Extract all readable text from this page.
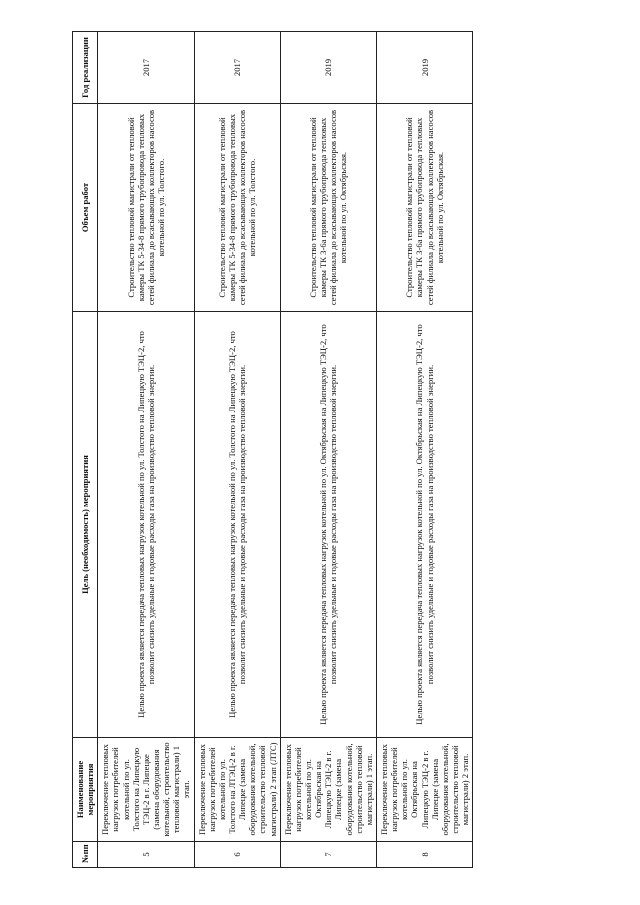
№пп	Наименование мероприятия	Цель (необходимость) мероприятия	Объем работ	Год реализации
5	Переключение тепловых нагрузок потребителей котельной по ул. Толстого на Липецкую ТЭЦ-2 в г. Липецке (замена оборудования котельной, строительство тепловой магистрали) 1 этап.	Целью проекта является передача тепловых нагрузок котельной по ул. Толстого на Липецкую ТЭЦ-2, что позволит снизить удельные и годовые расходы газа на производство тепловой энергии.	Строительство тепловой магистрали от тепловой камеры ТК 5-34-8 прямого трубопровода тепловых сетей филиала до всасывающих коллекторов насосов котельной по ул. Толстого.	2017
6	Переключение тепловых нагрузок потребителей котельной по ул. Толстого на ЛТЭЦ-2 в г. Липецке (замена оборудования котельной, строительство тепловой магистрали) 2 этап (ЛТС)	Целью проекта является передача тепловых нагрузок котельной по ул. Толстого на Липецкую ТЭЦ-2, что позволит снизить удельные и годовые расходы газа на производство тепловой энергии.	Строительство тепловой магистрали от тепловой камеры ТК 5-34-8 прямого трубопровода тепловых сетей филиала до всасывающих коллекторов насосов котельной по ул. Толстого.	2017
7	Переключение тепловых нагрузок потребителей котельной по ул. Октябрьская на Липецкую ТЭЦ-2 в г. Липецке (замена оборудования котельной, строительство тепловой магистрали) 1 этап.	Целью проекта является передача тепловых нагрузок котельной по ул. Октябрьская на Липецкую ТЭЦ-2, что позволит снизить удельные и годовые расходы газа на производство тепловой энергии.	Строительство тепловой магистрали от тепловой камеры ТК 3-6а прямого трубопровода тепловых сетей филиала до всасывающих коллекторов насосов котельной по ул. Октябрьская.	2019
8	Переключение тепловых нагрузок потребителей котельной по ул. Октябрьская на Липецкую ТЭЦ-2 в г. Липецке (замена оборудования котельной, строительство тепловой магистрали) 2 этап.	Целью проекта является передача тепловых нагрузок котельной по ул. Октябрьская на Липецкую ТЭЦ-2, что позволит снизить удельные и годовые расходы газа на производство тепловой энергии.	Строительство тепловой магистрали от тепловой камеры ТК 3-6а прямого трубопровода тепловых сетей филиала до всасывающих коллекторов насосов котельной по ул. Октябрьская.	2019
